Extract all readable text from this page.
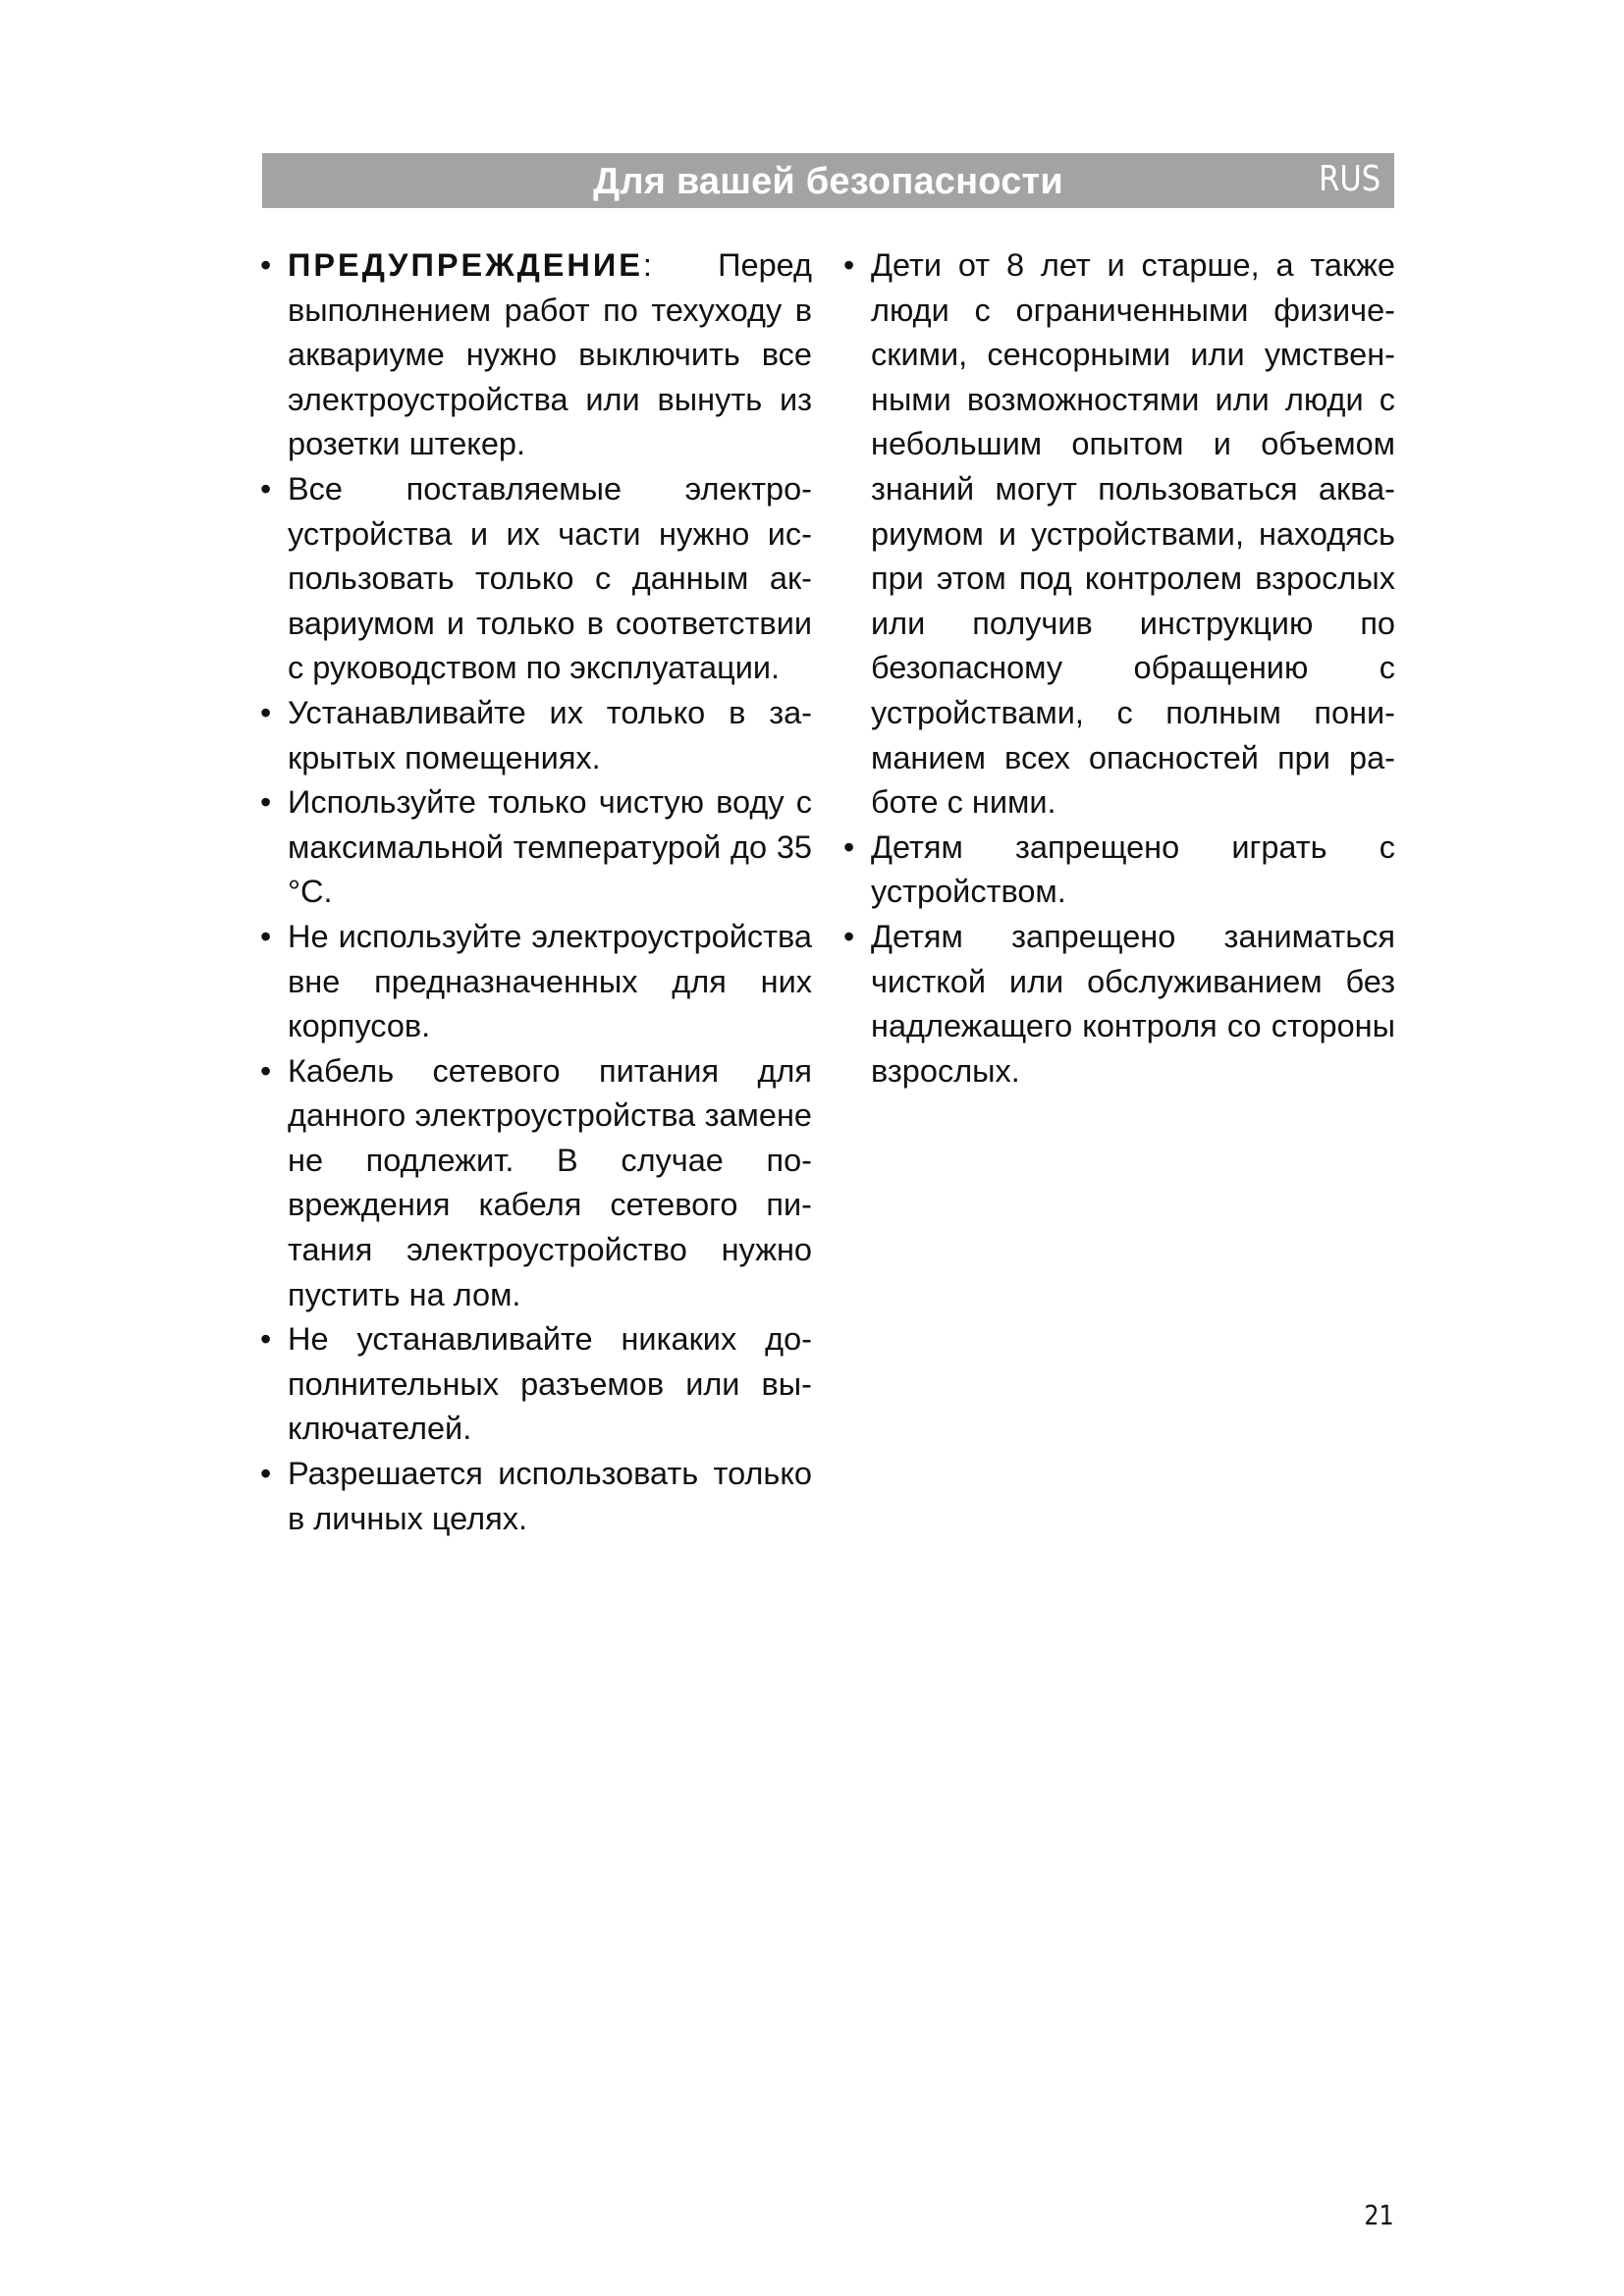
Для вашей безопасности	RUS
• ПРЕДУПРЕЖДЕНИЕ: Перед выполнением работ по техуходу в аквариуме нужно выключить все электроустройства или вынуть из розетки штекер.
• Все поставляемые электроустройства и их части нужно использовать только с данным аквариумом и только в соответствии с руководством по эксплуатации.
• Устанавливайте их только в закрытых помещениях.
• Используйте только чистую воду с максимальной температурой до 35 °C.
• Не используйте электроустройства вне предназначенных для них корпусов.
• Кабель сетевого питания для данного электроустройства замене не подлежит. В случае повреждения кабеля сетевого питания электроустройство нужно пустить на лом.
• Не устанавливайте никаких дополнительных разъемов или выключателей.
• Разрешается использовать только в личных целях.
• Дети от 8 лет и старше, а также люди с ограниченными физическими, сенсорными или умственными возможностями или люди с небольшим опытом и объемом знаний могут пользоваться аквариумом и устройствами, находясь при этом под контролем взрослых или получив инструкцию по безопасному обращению с устройствами, с полным пониманием всех опасностей при работе с ними.
• Детям запрещено играть с устройством.
• Детям запрещено заниматься чисткой или обслуживанием без надлежащего контроля со стороны взрослых.
21
